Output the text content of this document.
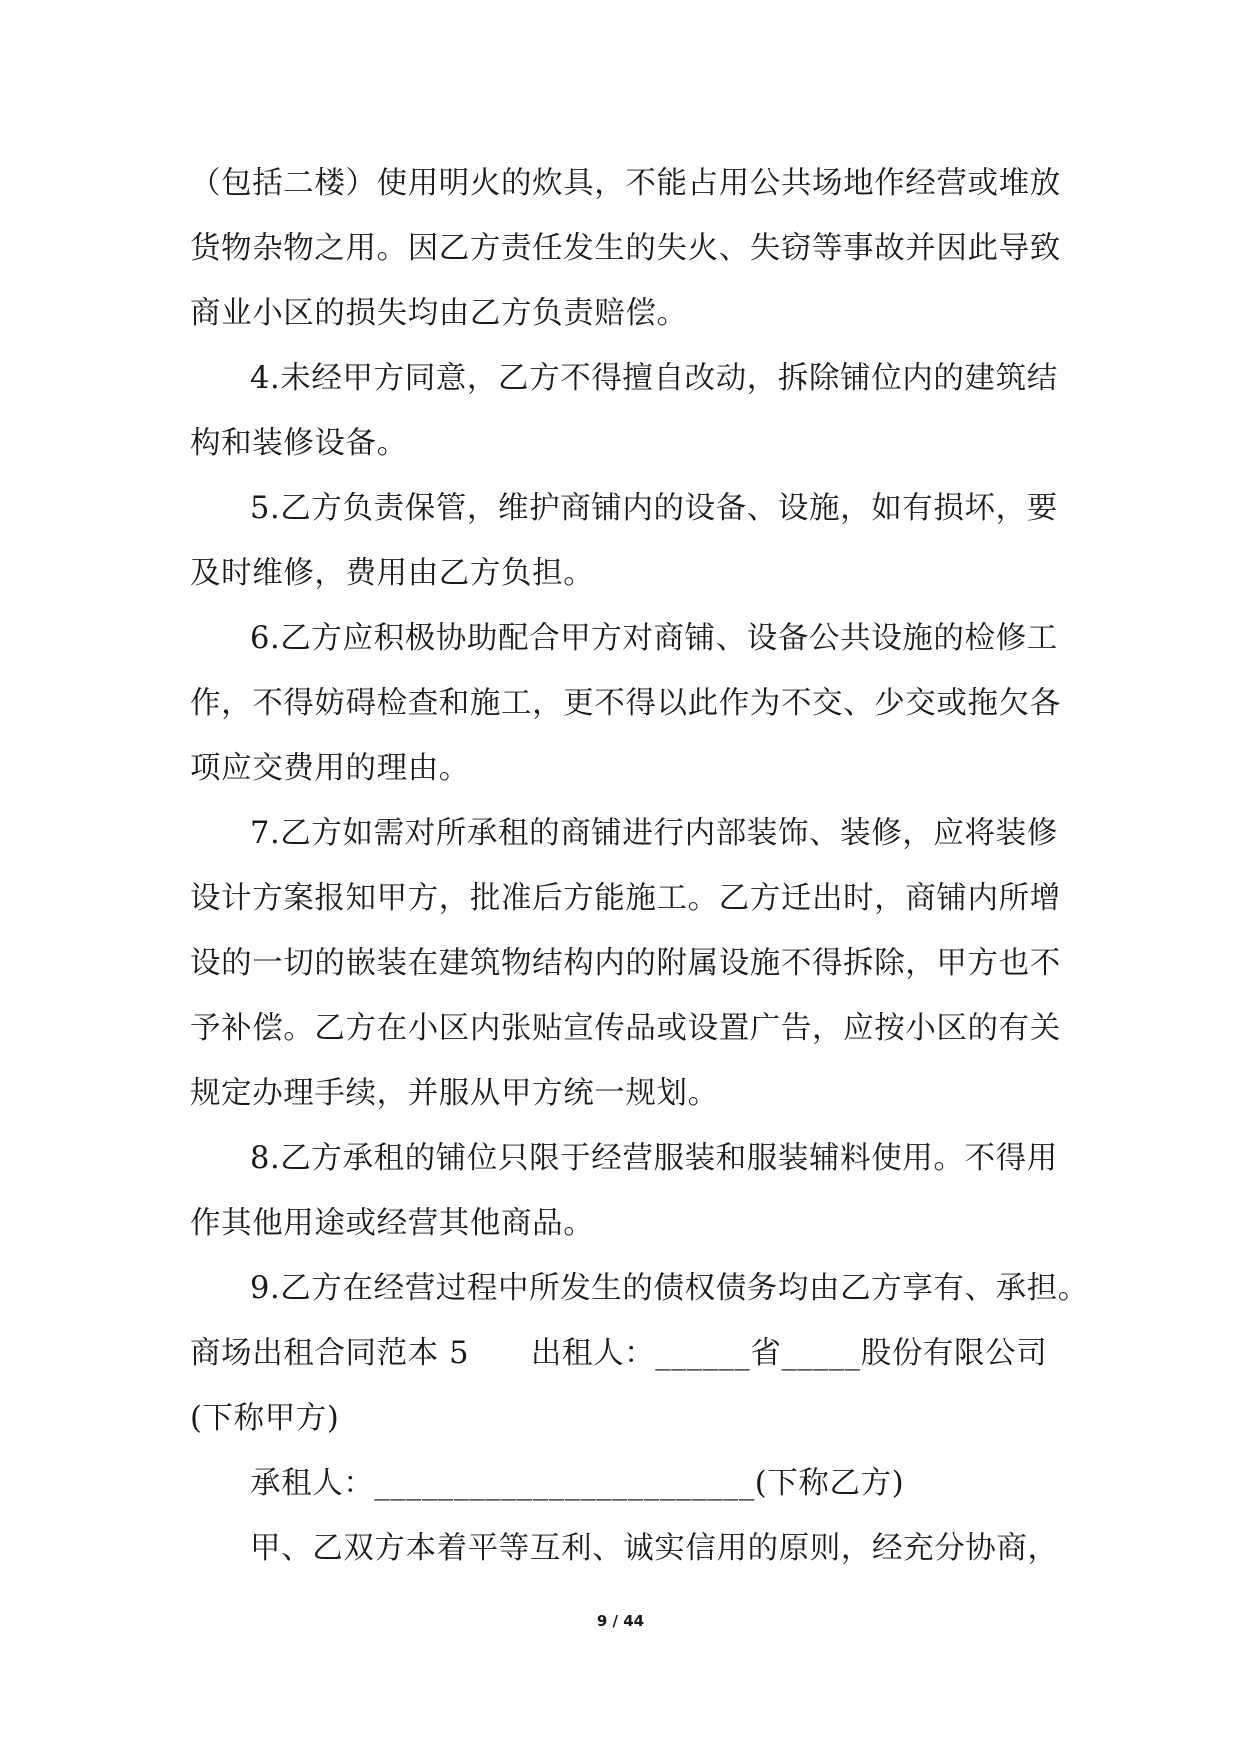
（包括二楼）使用明火的炊具，不能占用公共场地作经营或堆放
货物杂物之用。因乙方责任发生的失火、失窃等事故并因此导致
商业小区的损失均由乙方负责赔偿。
4.未经甲方同意，乙方不得擅自改动，拆除铺位内的建筑结
构和装修设备。
5.乙方负责保管，维护商铺内的设备、设施，如有损坏，要
及时维修，费用由乙方负担。
6.乙方应积极协助配合甲方对商铺、设备公共设施的检修工
作，不得妨碍检查和施工，更不得以此作为不交、少交或拖欠各
项应交费用的理由。
7.乙方如需对所承租的商铺进行内部装饰、装修，应将装修
设计方案报知甲方，批准后方能施工。乙方迁出时，商铺内所增
设的一切的嵌装在建筑物结构内的附属设施不得拆除，甲方也不
予补偿。乙方在小区内张贴宣传品或设置广告，应按小区的有关
规定办理手续，并服从甲方统一规划。
8.乙方承租的铺位只限于经营服装和服装辅料使用。不得用
作其他用途或经营其他商品。
9.乙方在经营过程中所发生的债权债务均由乙方享有、承担。
商场出租合同范本 5      出租人：______省_____股份有限公司
(下称甲方)
承租人：________________________(下称乙方)
甲、乙双方本着平等互利、诚实信用的原则，经充分协商，
9 / 44
